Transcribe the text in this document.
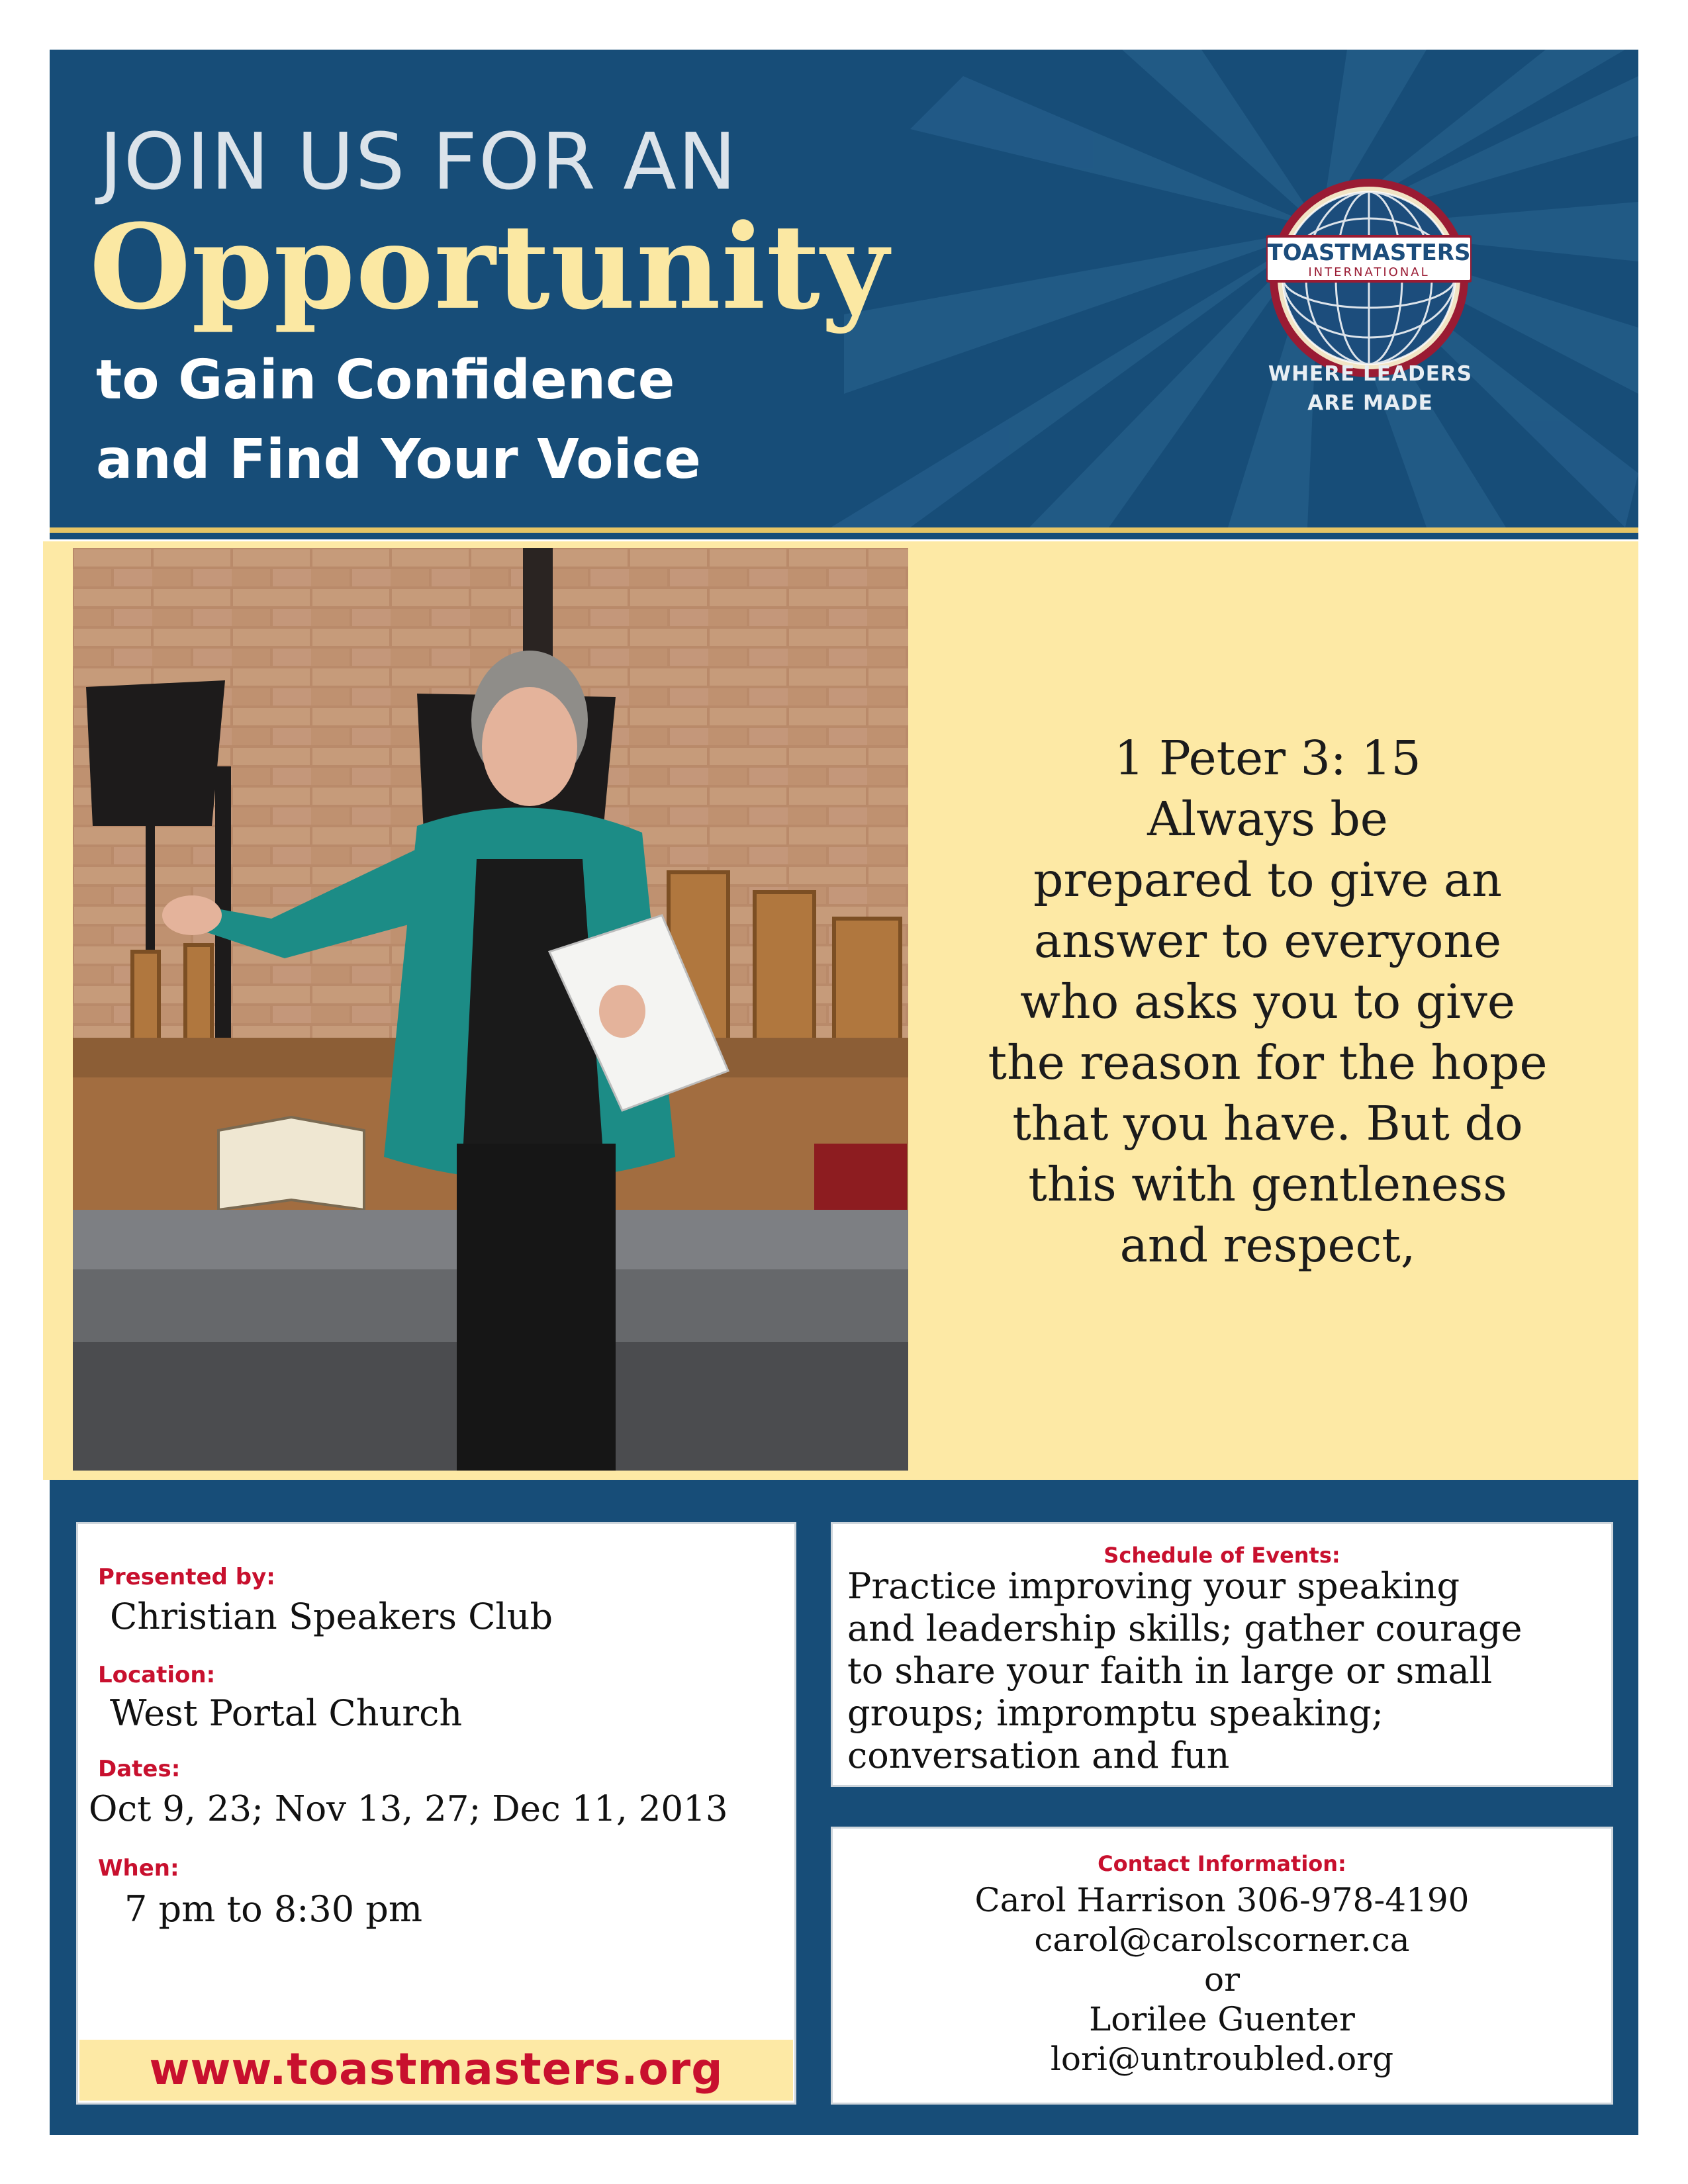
JOIN US FOR AN
Opportunity
to Gain Confidence
and Find Your Voice
TOASTMASTERS
INTERNATIONAL
WHERE LEADERS
ARE MADE
1 Peter 3: 15
Always be
prepared to give an
answer to everyone
who asks you to give
the reason for the hope
that you have. But do
this with gentleness
and respect,
Presented by:
Christian Speakers Club
Location:
West Portal Church
Dates:
Oct 9, 23; Nov 13, 27; Dec 11, 2013
When:
7 pm to 8:30 pm
www.toastmasters.org
Schedule of Events:
Practice improving your speaking
and leadership skills; gather courage
to share your faith in large or small
groups; impromptu speaking;
conversation and fun
Contact Information:
Carol Harrison 306-978-4190
carol@carolscorner.ca
or
Lorilee Guenter
lori@untroubled.org
